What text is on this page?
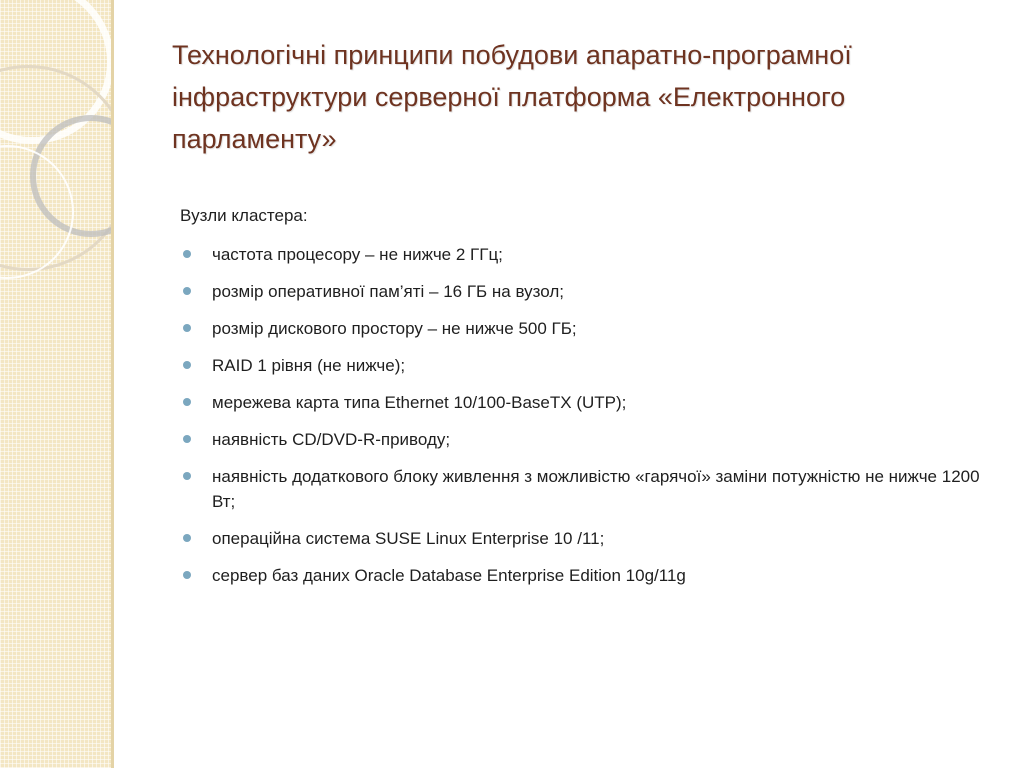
Технологічні принципи побудови апаратно-програмної інфраструктури серверної платформа «Електронного парламенту»

Вузли кластера:

частота процесору – не нижче 2 ГГц;
розмір оперативної пам’яті – 16 ГБ на вузол;
розмір дискового простору – не нижче 500 ГБ;
RAID 1 рівня (не нижче);
мережева карта типа Ethernet 10/100-BaseTX (UTP);
наявність CD/DVD-R-приводу;
наявність додаткового блоку живлення з можливістю «гарячої» заміни потужністю не нижче 1200 Вт;
операційна система SUSE Linux Enterprise 10 /11;
сервер баз даних Oracle Database Enterprise Edition 10g/11g
